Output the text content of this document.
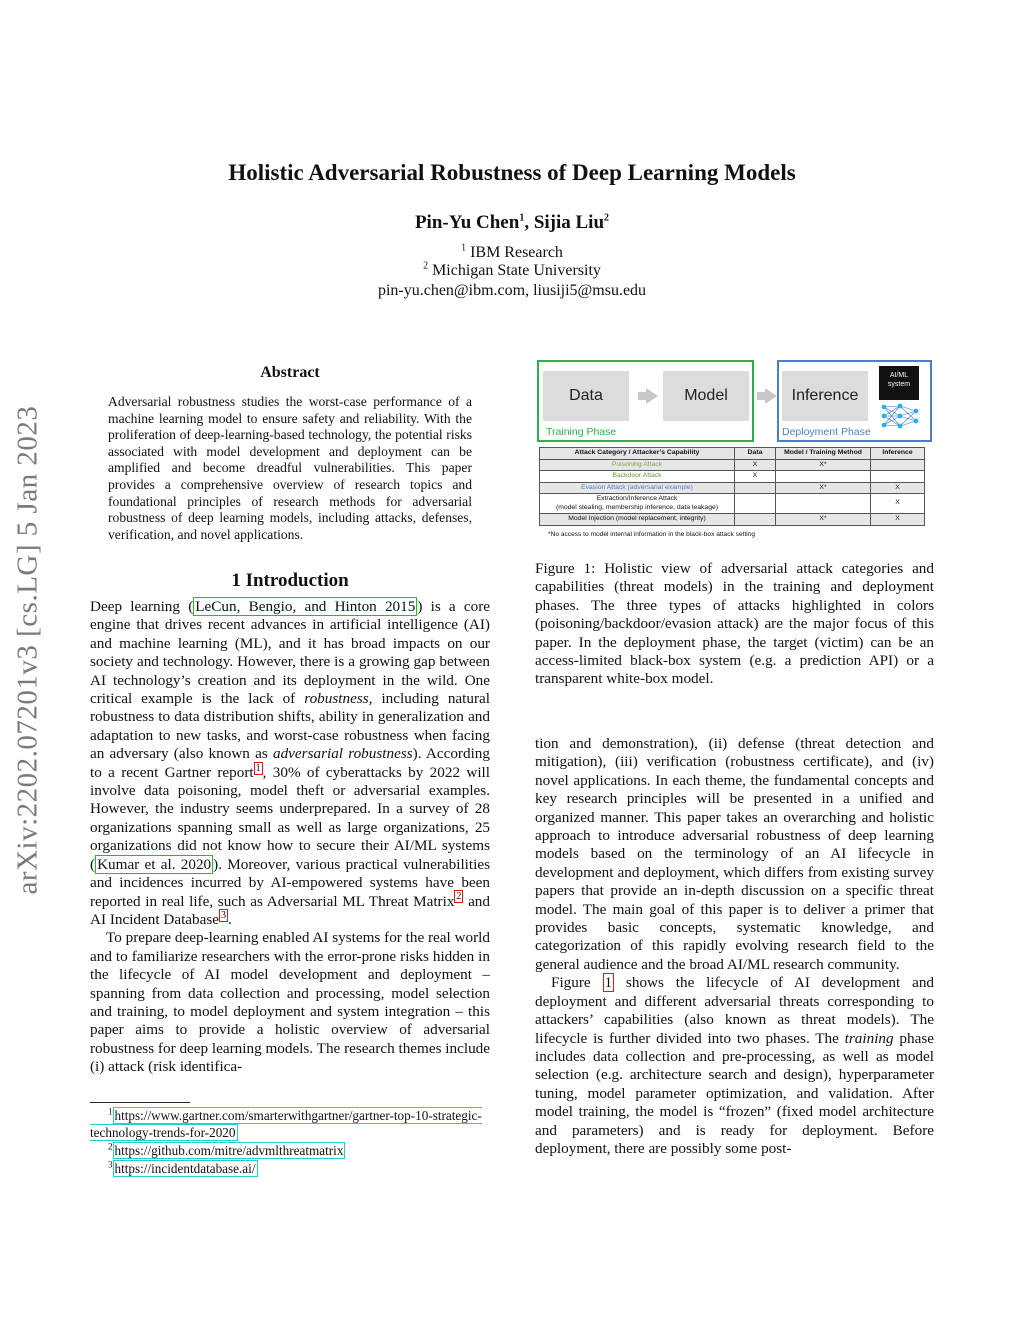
Holistic Adversarial Robustness of Deep Learning Models
Pin-Yu Chen$^1$, Sijia Liu$^2$
$^1$ IBM Research
$^2$ Michigan State University
pin-yu.chen@ibm.com, liusiji5@msu.edu
arXiv:2202.07201v3 [cs.LG] 5 Jan 2023
Abstract
Adversarial robustness studies the worst-case performance of a machine learning model to ensure safety and reliability. With the proliferation of deep-learning-based technology, the potential risks associated with model development and deployment can be amplified and become dreadful vulnerabilities. This paper provides a comprehensive overview of research topics and foundational principles of research methods for adversarial robustness of deep learning models, including attacks, defenses, verification, and novel applications.
1 Introduction

Deep learning ( LeCun, Bengio, and Hinton 2015 ) is a core engine that drives recent advances in artificial intelligence (AI) and machine learning (ML), and it has broad impacts on our society and technology. However, there is a growing gap between AI technology’s creation and its deployment in the wild. One critical example is the lack of robustness, including natural robustness to data distribution shifts, ability in generalization and adaptation to new tasks, and worst-case robustness when facing an adversary (also known as adversarial robustness). According to a recent Gartner report $^1$ , 30% of cyberattacks by 2022 will involve data poisoning, model theft or adversarial examples. However, the industry seems underprepared. In a survey of 28 organizations spanning small as well as large organizations, 25 organizations did not know how to secure their AI/ML systems ( Kumar et al. 2020 ). Moreover, various practical vulnerabilities and incidences incurred by AI-empowered systems have been reported in real life, such as Adversarial ML Threat Matrix $^2$ and AI Incident Database $^3$ .

To prepare deep-learning enabled AI systems for the real world and to familiarize researchers with the error-prone risks hidden in the lifecycle of AI model development and deployment – spanning from data collection and processing, model selection and training, to model deployment and system integration – this paper aims to provide a holistic overview of adversarial robustness for deep learning models. The research themes include (i) attack (risk identifica-

$^1$ https://www.gartner.com/smarterwithgartner/gartner-top-10-strategic-technology-trends-for-2020
$^2$ https://github.com/mitre/advmlthreatmatrix
$^3$ https://incidentdatabase.ai/
Data	Model
Training Phase
Inference
Deployment Phase
AI/ML system
Attack Category / Attacker’s Capability	Data	Model / Training Method	Inference
Poisoning Attack	X	X*	
Backdoor Attack	X		
Evasion Attack (adversarial example)		X*	X
Extraction/Inference Attack
(model stealing, membership inference, data leakage)			X
Model Injection (model replacement, integrity)		X*	X
*No access to model internal information in the black-box attack setting
Figure 1: Holistic view of adversarial attack categories and capabilities (threat models) in the training and deployment phases. The three types of attacks highlighted in colors (poisoning/backdoor/evasion attack) are the major focus of this paper. In the deployment phase, the target (victim) can be an access-limited black-box system (e.g. a prediction API) or a transparent white-box model.

tion and demonstration), (ii) defense (threat detection and mitigation), (iii) verification (robustness certificate), and (iv) novel applications. In each theme, the fundamental concepts and key research principles will be presented in a unified and organized manner. This paper takes an overarching and holistic approach to introduce adversarial robustness of deep learning models based on the terminology of an AI lifecycle in development and deployment, which differs from existing survey papers that provide an in-depth discussion on a specific threat model. The main goal of this paper is to deliver a primer that provides basic concepts, systematic knowledge, and categorization of this rapidly evolving research field to the general audience and the broad AI/ML research community.

Figure 1 shows the lifecycle of AI development and deployment and different adversarial threats corresponding to attackers’ capabilities (also known as threat models). The lifecycle is further divided into two phases. The training phase includes data collection and pre-processing, as well as model selection (e.g. architecture search and design), hyperparameter tuning, model parameter optimization, and validation. After model training, the model is “frozen” (fixed model architecture and parameters) and is ready for deployment. Before deployment, there are possibly some post-
